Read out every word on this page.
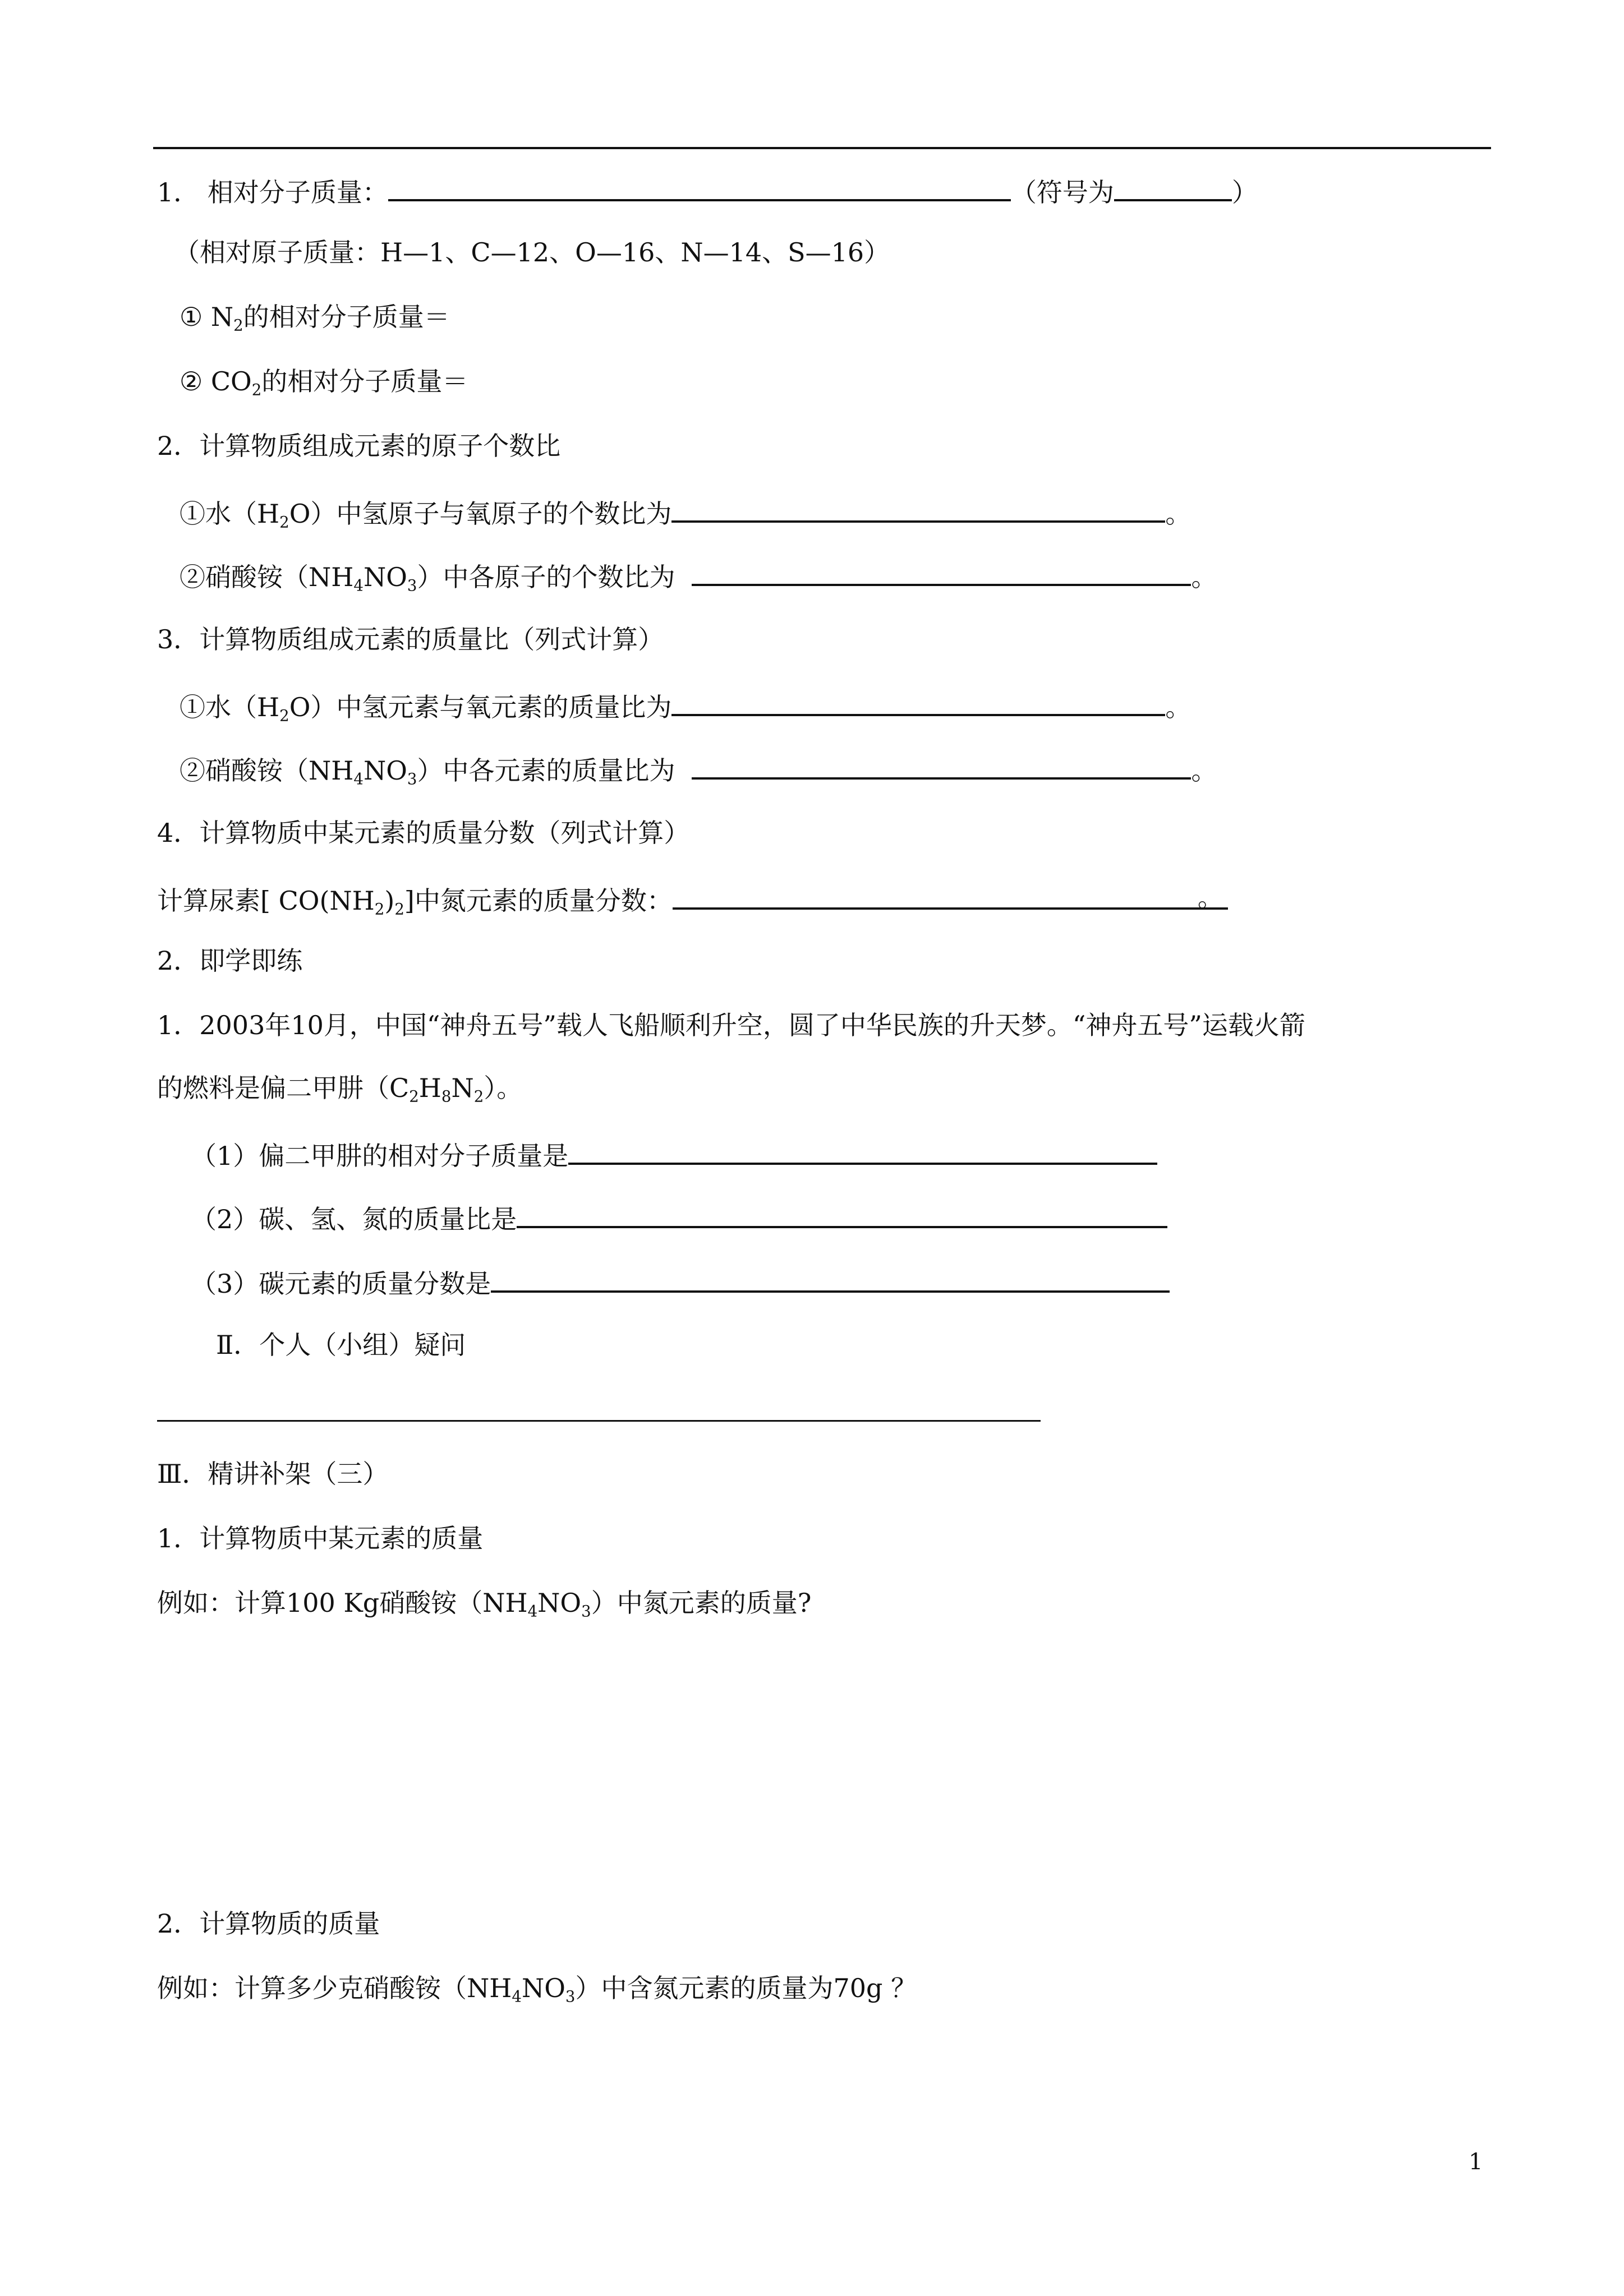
1． 相对分子质量：	（符号为	）
（相对原子质量：H—1、C—12、O—16、N—14、S—16）
① $N_2$的相对分子质量＝
② $CO_2$的相对分子质量＝
2．计算物质组成元素的原子个数比
①水$(H_2O)$中氢原子与氧原子的个数比为	。
②硝酸铵$(NH_4NO_3)$中各原子的个数比为	。
3．计算物质组成元素的质量比（列式计算）
①水$(H_2O)$中氢元素与氧元素的质量比为	。
②硝酸铵$(NH_4NO_3)$中各元素的质量比为	。
4．计算物质中某元素的质量分数（列式计算）
计算尿素[ $CO(NH_2)_2$]中氮元素的质量分数：	。
2．即学即练
1．2003年10月，中国“神舟五号”载人飞船顺利升空，圆了中华民族的升天梦。“神舟五号”运载火箭
的燃料是偏二甲肼$(C_2H_8N_2)$。
（1）偏二甲肼的相对分子质量是
（2）碳、氢、氮的质量比是
（3）碳元素的质量分数是
Ⅱ．个人（小组）疑问
Ⅲ．精讲补架（三）
1．计算物质中某元素的质量
例如：计算100 Kg硝酸铵$(NH_4NO_3)$中氮元素的质量?
2．计算物质的质量
例如：计算多少克硝酸铵$(NH_4NO_3)$中含氮元素的质量为70g ？
1
